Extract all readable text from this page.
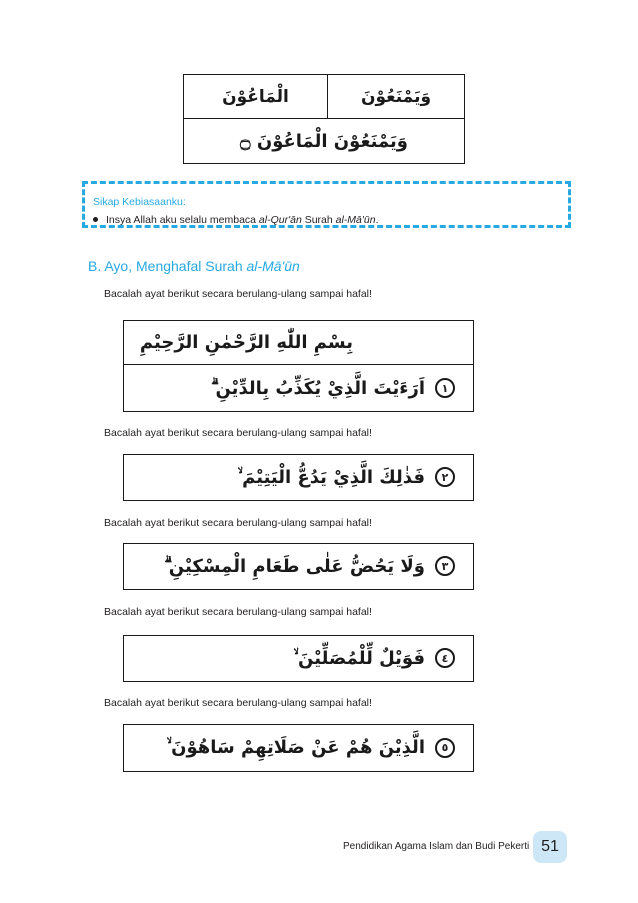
الْمَاعُوْنَ	وَيَمْنَعُوْنَ
وَيَمْنَعُوْنَ الْمَاعُوْنَ ۝
Sikap Kebiasaanku:
Insya Allah aku selalu membaca al-Qur'ān Surah al-Mā'ūn.
B. Ayo, Menghafal Surah al-Mā'ūn
Bacalah ayat berikut secara berulang-ulang sampai hafal!
بِسْمِ اللّٰهِ الرَّحْمٰنِ الرَّحِيْمِ
اَرَءَيْتَ الَّذِيْ يُكَذِّبُ بِالدِّيْنِ ۗ	١
Bacalah ayat berikut secara berulang-ulang sampai hafal!
فَذٰلِكَ الَّذِيْ يَدُعُّ الْيَتِيْمَ ۙ	٢
Bacalah ayat berikut secara berulang-ulang sampai hafal!
وَلَا يَحُضُّ عَلٰى طَعَامِ الْمِسْكِيْنِ ۗ	٣
Bacalah ayat berikut secara berulang-ulang sampai hafal!
فَوَيْلٌ لِّلْمُصَلِّيْنَ ۙ	٤
Bacalah ayat berikut secara berulang-ulang sampai hafal!
الَّذِيْنَ هُمْ عَنْ صَلَاتِهِمْ سَاهُوْنَ ۙ	٥
Pendidikan Agama Islam dan Budi Pekerti 51
